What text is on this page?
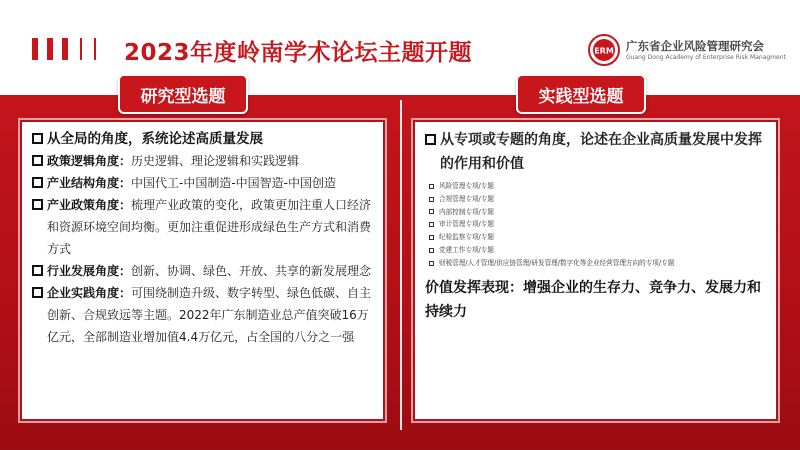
2023年度岭南学术论坛主题开题	ERM 广东省企业风险管理研究会
Guang Dong Academy of Enterprise Risk Managment
研究型选题	实践型选题
从全局的角度，系统论述高质量发展
政策逻辑角度：历史逻辑、理论逻辑和实践逻辑
产业结构角度：中国代工-中国制造-中国智造-中国创造
产业政策角度：梳理产业政策的变化，政策更加注重人口经济和资源环境空间均衡。更加注重促进形成绿色生产方式和消费方式
行业发展角度：创新、协调、绿色、开放、共享的新发展理念
企业实践角度：可围绕制造升级、数字转型、绿色低碳、自主创新、合规致远等主题。2022年广东制造业总产值突破16万亿元，全部制造业增加值4.4万亿元，占全国的八分之一强
从专项或专题的角度，论述在企业高质量发展中发挥的作用和价值
风险管理专项/专题
合规管理专项/专题
内部控制专项/专题
审计管理专项/专题
纪检监察专项/专题
党建工作专项/专题
财税管理/人才管理/供应链管理/研发管理/数字化等企业经营管理方向的专项/专题
价值发挥表现：增强企业的生存力、竞争力、发展力和持续力
